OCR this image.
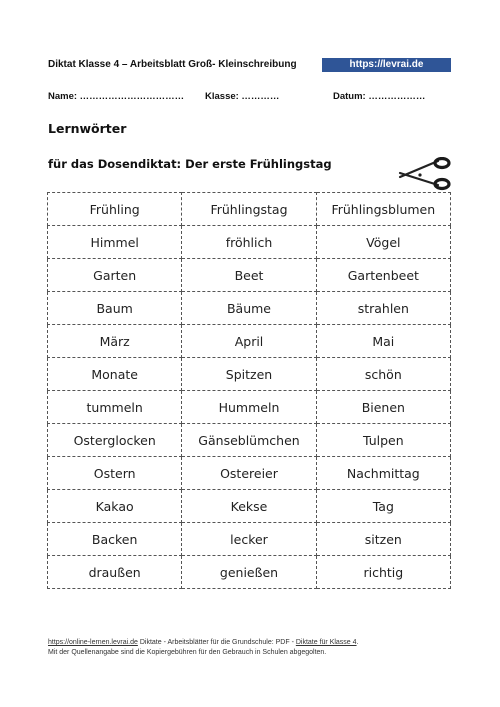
Diktat Klasse 4 – Arbeitsblatt Groß- Kleinschreibung	https://levrai.de
Name: …………………………… Klasse: …………	Datum: ………………
Lernwörter
für das Dosendiktat: Der erste Frühlingstag
Frühling	Frühlingstag	Frühlingsblumen
Himmel	fröhlich	Vögel
Garten	Beet	Gartenbeet
Baum	Bäume	strahlen
März	April	Mai
Monate	Spitzen	schön
tummeln	Hummeln	Bienen
Osterglocken	Gänseblümchen	Tulpen
Ostern	Ostereier	Nachmittag
Kakao	Kekse	Tag
Backen	lecker	sitzen
draußen	genießen	richtig
https://online-lernen.levrai.de Diktate - Arbeitsblätter für die Grundschule: PDF - Diktate für Klasse 4.
Mit der Quellenangabe sind die Kopiergebühren für den Gebrauch in Schulen abgegolten.
